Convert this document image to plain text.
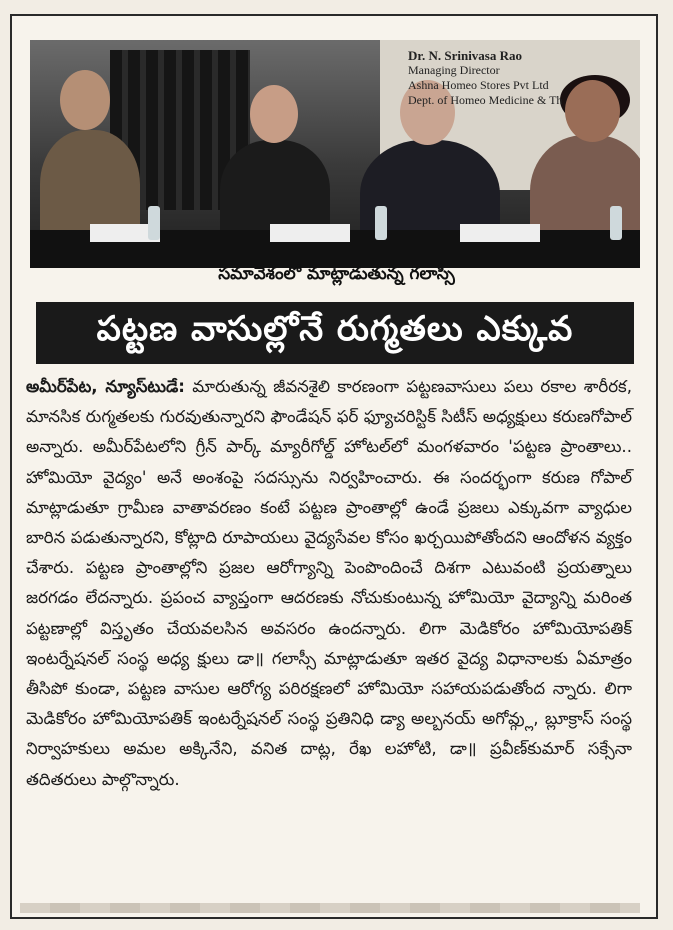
Dr. N. Srinivasa Rao
Managing Director
Ashna Homeo Stores Pvt Ltd
Dept. of Homeo Medicine & Th
సమావేశంలో మాట్లాడుతున్న గలాస్సీ
పట్టణ వాసుల్లోనే రుగ్మతలు ఎక్కువ
అమీర్‌పేట, న్యూస్‌టుడే: మారుతున్న జీవనశైలి కారణంగా పట్టణవాసులు పలు రకాల శారీరక, మానసిక రుగ్మతలకు గురవుతున్నారని ఫౌండేషన్ ఫర్ ఫ్యూచరిస్టిక్ సిటీస్ అధ్యక్షులు కరుణగోపాల్ అన్నారు. అమీర్‌పేటలోని గ్రీన్ పార్క్ మ్యారీగోల్డ్ హోటల్‌లో మంగళవారం 'పట్టణ ప్రాంతాలు.. హోమియో వైద్యం' అనే అంశంపై సదస్సును నిర్వహించారు. ఈ సందర్భంగా కరుణ గోపాల్ మాట్లాడుతూ గ్రామీణ వాతావరణం కంటే పట్టణ ప్రాంతాల్లో ఉండే ప్రజలు ఎక్కువగా వ్యాధుల బారిన పడుతున్నారని, కోట్లాది రూపాయలు వైద్యసేవల కోసం ఖర్చయిపోతోందని ఆందోళన వ్యక్తం చేశారు. పట్టణ ప్రాంతాల్లోని ప్రజల ఆరోగ్యాన్ని పెంపొందించే దిశగా ఎటువంటి ప్రయత్నాలు జరగడం లేదన్నారు. ప్రపంచ వ్యాప్తంగా ఆదరణకు నోచుకుంటున్న హోమియో వైద్యాన్ని మరింత పట్టణాల్లో విస్తృతం చేయవలసిన అవసరం ఉందన్నారు. లిగా మెడికోరం హోమియోపతిక్ ఇంటర్నేషనల్ సంస్థ అధ్య క్షులు డా॥ గలాస్సీ మాట్లాడుతూ ఇతర వైద్య విధానాలకు ఏమాత్రం తీసిపో కుండా, పట్టణ వాసుల ఆరోగ్య పరిరక్షణలో హోమియో సహాయపడుతోంద న్నారు. లిగా మెడికోరం హోమియోపతిక్ ఇంటర్నేషనల్ సంస్థ ప్రతినిధి డ్యా అల్బనయ్ అగోవ్గ్లు, బ్లూక్రాస్ సంస్థ నిర్వాహకులు అమల అక్కినేని, వనిత దాట్ల, రేఖ లహోటి, డా॥ ప్రవీణ్‌కుమార్ సక్సేనా తదితరులు పాల్గొన్నారు.
